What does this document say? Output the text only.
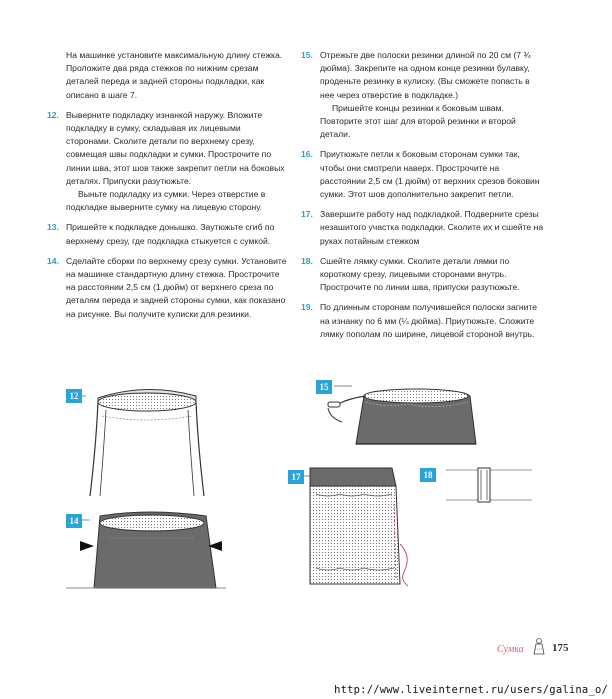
На машинке установите максимальную длину стежка. Проложите два ряда стежков по нижним срезам деталей переда и задней стороны подкладки, как описано в шаге 7.

12. Выверните подкладку изнанкой наружу. Вложите подкладку в сумку, складывая их лицевыми сторонами. Сколите детали по верхнему срезу, совмещая швы подкладки и сумки. Прострочите по линии шва, этот шов также закрепит петли на боковых деталях. Припуски разутюжьте.

Выньте подкладку из сумки. Через отверстие в подкладке выверните сумку на лицевую сторону.

13. Пришейте к подкладке донышко. Заутюжьте сгиб по верхнему срезу, где подкладка стыкуется с сумкой.

14. Сделайте сборки по верхнему срезу сумки. Установите на машинке стандартную длину стежка. Прострочите на расстоянии 2,5 см (1 дюйм) от верхнего среза по деталям переда и задней стороны сумки, как показано на рисунке. Вы получите кулиски для резинки.

15. Отрежьте две полоски резинки длиной по 20 см (7 ¾ дюйма). Закрепите на одном конце резинки булавку, проденьте резинку в кулиску. (Вы сможете попасть в нее через отверстие в подкладке.)

Пришейте концы резинки к боковым швам. Повторите этот шаг для второй резинки и второй детали.

16. Приутюжьте петли к боковым сторонам сумки так, чтобы они смотрели наверх. Прострочите на расстоянии 2,5 см (1 дюйм) от верхних срезов боковин сумки. Этот шов дополнительно закрепит петли.

17. Завершите работу над подкладкой. Подверните срезы незашитого участка подкладки. Сколите их и сшейте на руках потайным стежком

18. Сшейте лямку сумки. Сколите детали лямки по короткому срезу, лицевыми сторонами внутрь. Прострочите по линии шва, припуски разутюжьте.

19. По длинным сторонам получившейся полоски загните на изнанку по 6 мм (¼ дюйма). Приутюжьте. Сложите лямку пополам по ширине, лицевой стороной внутрь.

12
14
15
17	18
Сумка	175
http://www.liveinternet.ru/users/galina_o/
